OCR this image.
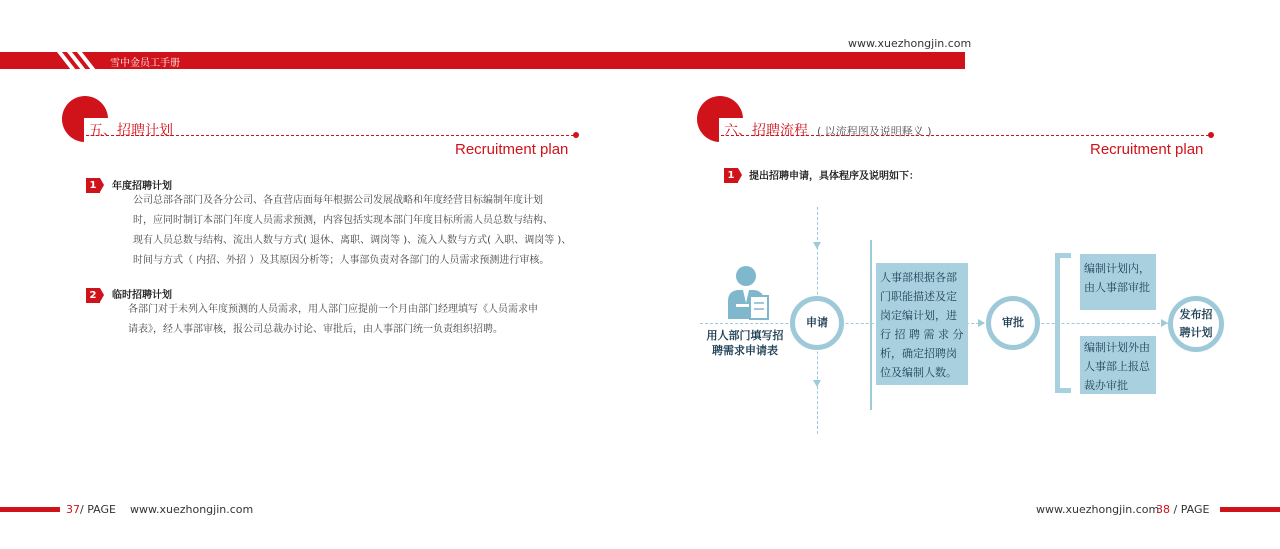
www.xuezhongjin.com
雪中金员工手册
五、招聘计划
Recruitment plan
1	年度招聘计划
公司总部各部门及各分公司、各直营店面每年根据公司发展战略和年度经营目标编制年度计划
时，应同时制订本部门年度人员需求预测，内容包括实现本部门年度目标所需人员总数与结构、
现有人员总数与结构、流出人数与方式( 退休、离职、调岗等 )、流入人数与方式( 入职、调岗等 )、
时间与方式（ 内招、外招 ）及其原因分析等；人事部负责对各部门的人员需求预测进行审核。
2	临时招聘计划
各部门对于未列入年度预测的人员需求，用人部门应提前一个月由部门经理填写《人员需求申
请表》，经人事部审核，报公司总裁办讨论、审批后，由人事部门统一负责组织招聘。
六、招聘流程 ( 以流程图及说明释义 )
Recruitment plan
1	提出招聘申请，具体程序及说明如下：
用人部门填写招
聘需求申请表
申请
人事部根据各部
门职能描述及定
岗定编计划，进
行 招 聘 需 求 分
析，确定招聘岗
位及编制人数。
审批
编制计划内，
由人事部审批
编制计划外由
人事部上报总
裁办审批
发布招
聘计划
37/ PAGE www.xuezhongjin.com	www.xuezhongjin.com
38 / PAGE
